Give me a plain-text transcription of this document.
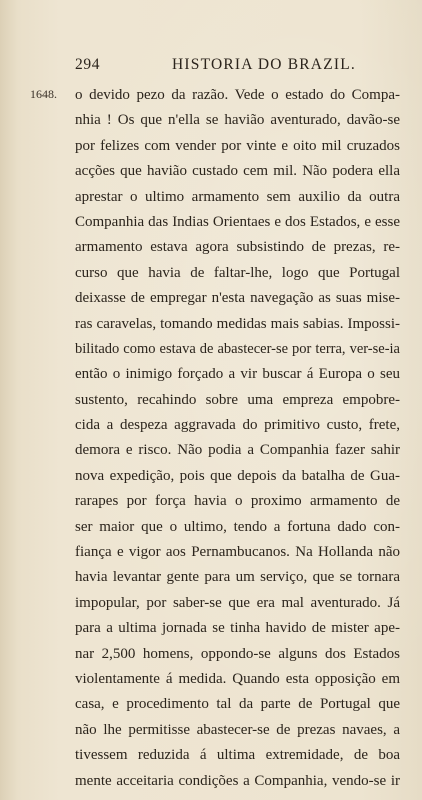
294	HISTORIA DO BRAZIL.
1648. o devido pezo da razão. Vede o estado do Compa-
nhia ! Os que n'ella se havião aventurado, davão-se
por felizes com vender por vinte e oito mil cruzados
acções que havião custado cem mil. Não podera ella
aprestar o ultimo armamento sem auxilio da outra
Companhia das Indias Orientaes e dos Estados, e esse
armamento estava agora subsistindo de prezas, re-
curso que havia de faltar-lhe, logo que Portugal
deixasse de empregar n'esta navegação as suas mise-
ras caravelas, tomando medidas mais sabias. Impossi-
bilitado como estava de abastecer-se por terra, ver-se-ia
então o inimigo forçado a vir buscar á Europa o seu
sustento, recahindo sobre uma empreza empobre-
cida a despeza aggravada do primitivo custo, frete,
demora e risco. Não podia a Companhia fazer sahir
nova expedição, pois que depois da batalha de Gua-
rarapes por força havia o proximo armamento de
ser maior que o ultimo, tendo a fortuna dado con-
fiança e vigor aos Pernambucanos. Na Hollanda não
havia levantar gente para um serviço, que se tornara
impopular, por saber-se que era mal aventurado. Já
para a ultima jornada se tinha havido de mister ape-
nar 2,500 homens, oppondo-se alguns dos Estados
violentamente á medida. Quando esta opposição em
casa, e procedimento tal da parte de Portugal que
não lhe permitisse abastecer-se de prezas navaes, a
tivessem reduzida á ultima extremidade, de boa
mente acceitaria condições a Companhia, vendo-se ir
